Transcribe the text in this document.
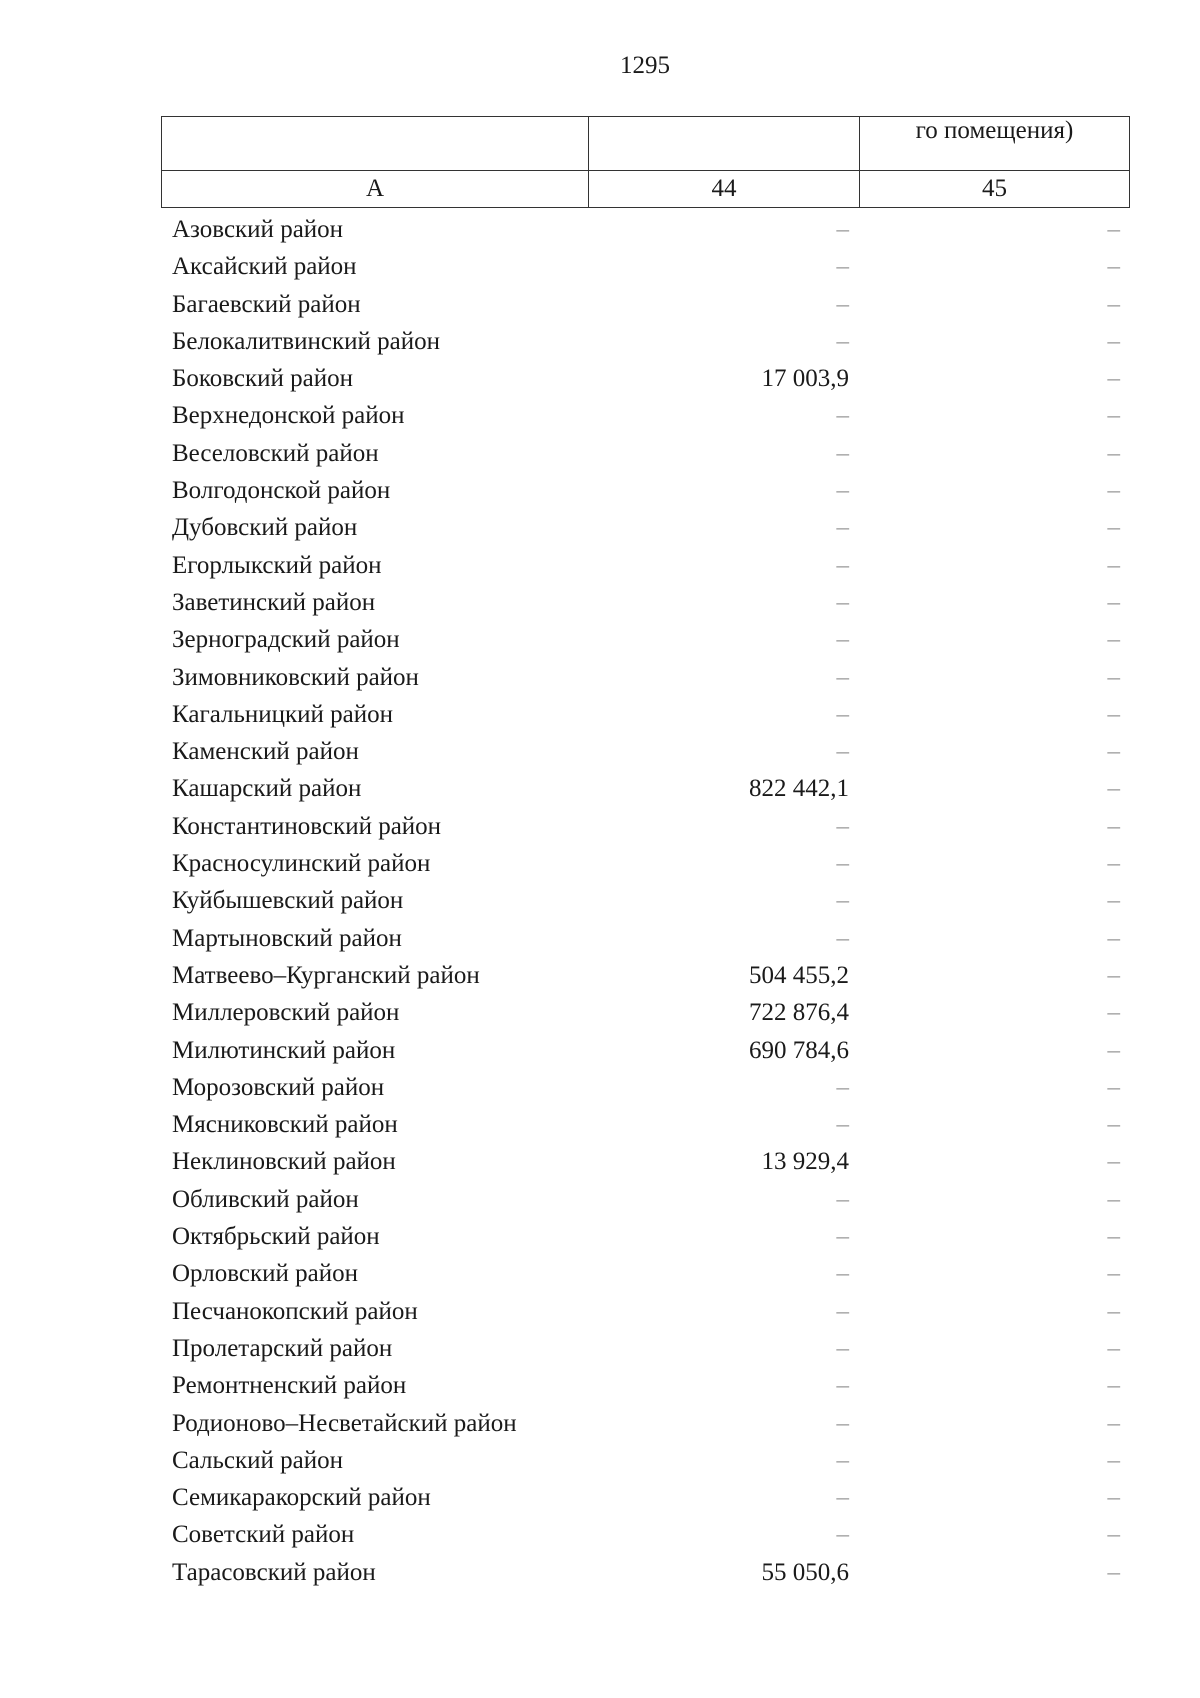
1295
		го помещения)
А	44	45
Азовский район	–	–
Аксайский район	–	–
Багаевский район	–	–
Белокалитвинский район	–	–
Боковский район	17 003,9	–
Верхнедонской район	–	–
Веселовский район	–	–
Волгодонской район	–	–
Дубовский район	–	–
Егорлыкский район	–	–
Заветинский район	–	–
Зерноградский район	–	–
Зимовниковский район	–	–
Кагальницкий район	–	–
Каменский район	–	–
Кашарский район	822 442,1	–
Константиновский район	–	–
Красносулинский район	–	–
Куйбышевский район	–	–
Мартыновский район	–	–
Матвеево–Курганский район	504 455,2	–
Миллеровский район	722 876,4	–
Милютинский район	690 784,6	–
Морозовский район	–	–
Мясниковский район	–	–
Неклиновский район	13 929,4	–
Обливский район	–	–
Октябрьский район	–	–
Орловский район	–	–
Песчанокопский район	–	–
Пролетарский район	–	–
Ремонтненский район	–	–
Родионово–Несветайский район	–	–
Сальский район	–	–
Семикаракорский район	–	–
Советский район	–	–
Тарасовский район	55 050,6	–
